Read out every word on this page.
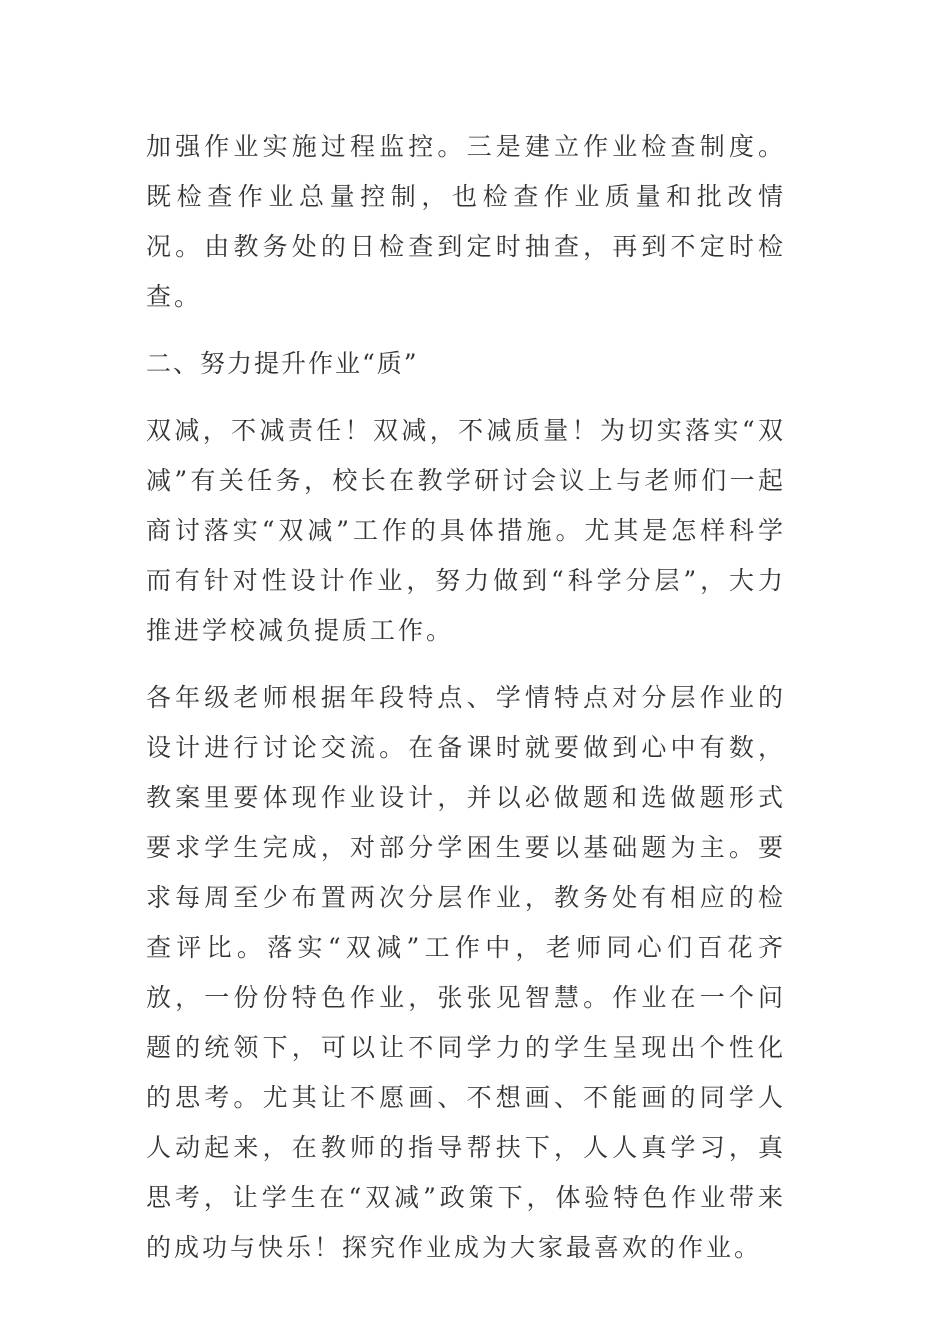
加强作业实施过程监控。三是建立作业检查制度。既检查作业总量控制，也检查作业质量和批改情况。由教务处的日检查到定时抽查，再到不定时检查。

二、努力提升作业“质”

双减，不减责任！双减，不减质量！为切实落实“双减”有关任务，校长在教学研讨会议上与老师们一起商讨落实“双减”工作的具体措施。尤其是怎样科学而有针对性设计作业，努力做到“科学分层”，大力推进学校减负提质工作。

各年级老师根据年段特点、学情特点对分层作业的设计进行讨论交流。在备课时就要做到心中有数，教案里要体现作业设计，并以必做题和选做题形式要求学生完成，对部分学困生要以基础题为主。要求每周至少布置两次分层作业，教务处有相应的检查评比。落实“双减”工作中，老师同心们百花齐放，一份份特色作业，张张见智慧。作业在一个问题的统领下，可以让不同学力的学生呈现出个性化的思考。尤其让不愿画、不想画、不能画的同学人人动起来，在教师的指导帮扶下，人人真学习，真思考，让学生在“双减”政策下，体验特色作业带来的成功与快乐！探究作业成为大家最喜欢的作业。
